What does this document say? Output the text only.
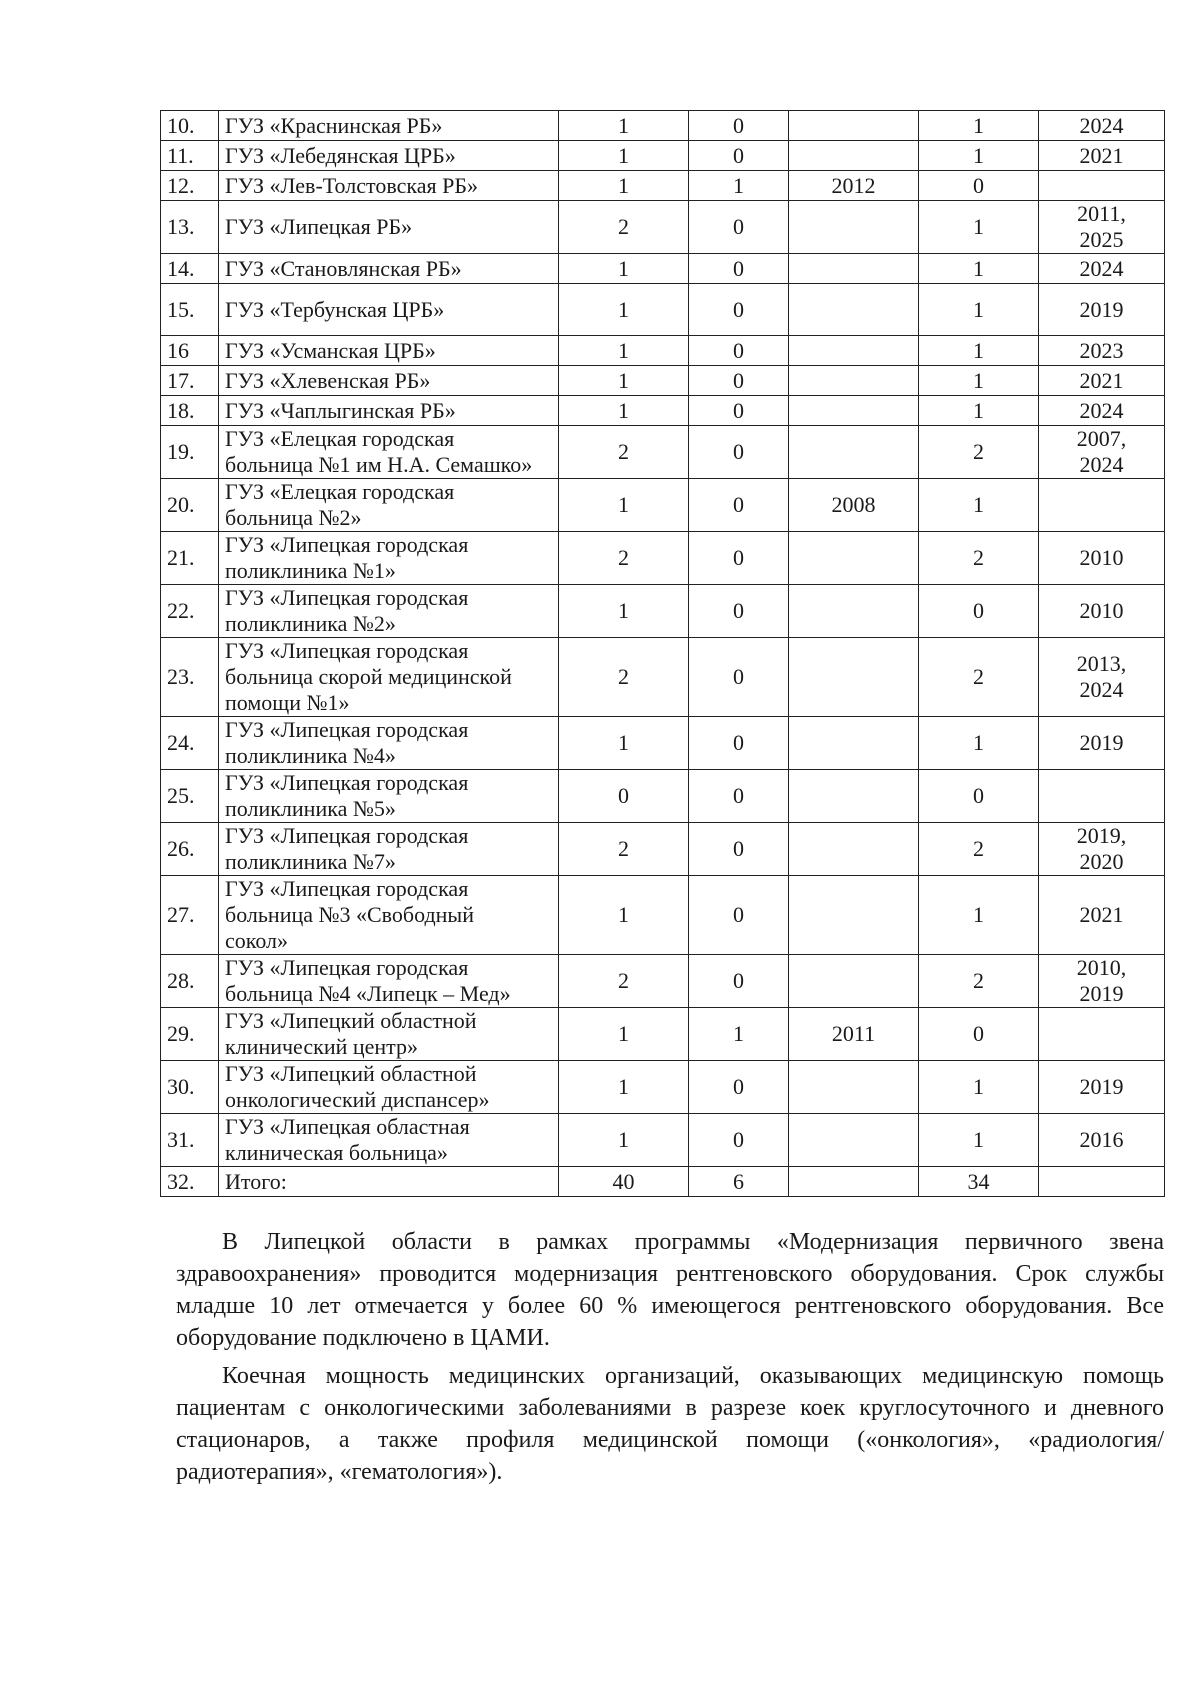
10.	ГУЗ «Краснинская РБ»	1	0		1	2024
11.	ГУЗ «Лебедянская ЦРБ»	1	0		1	2021
12.	ГУЗ «Лев-Толстовская РБ»	1	1	2012	0	
13.	ГУЗ «Липецкая РБ»	2	0		1	2011,
2025
14.	ГУЗ «Становлянская РБ»	1	0		1	2024
15.	ГУЗ «Тербунская ЦРБ»	1	0		1	2019
16	ГУЗ «Усманская ЦРБ»	1	0		1	2023
17.	ГУЗ «Хлевенская РБ»	1	0		1	2021
18.	ГУЗ «Чаплыгинская РБ»	1	0		1	2024
19.	ГУЗ «Елецкая городская
больница №1 им Н.А. Семашко»	2	0		2	2007,
2024
20.	ГУЗ «Елецкая городская
больница №2»	1	0	2008	1	
21.	ГУЗ «Липецкая городская
поликлиника №1»	2	0		2	2010
22.	ГУЗ «Липецкая городская
поликлиника №2»	1	0		0	2010
23.	ГУЗ «Липецкая городская
больница скорой медицинской
помощи №1»	2	0		2	2013,
2024
24.	ГУЗ «Липецкая городская
поликлиника №4»	1	0		1	2019
25.	ГУЗ «Липецкая городская
поликлиника №5»	0	0		0	
26.	ГУЗ «Липецкая городская
поликлиника №7»	2	0		2	2019,
2020
27.	ГУЗ «Липецкая городская
больница №3 «Свободный
сокол»	1	0		1	2021
28.	ГУЗ «Липецкая городская
больница №4 «Липецк – Мед»	2	0		2	2010,
2019
29.	ГУЗ «Липецкий областной
клинический центр»	1	1	2011	0	
30.	ГУЗ «Липецкий областной
онкологический диспансер»	1	0		1	2019
31.	ГУЗ «Липецкая областная
клиническая больница»	1	0		1	2016
32.	Итого:	40	6		34	

В Липецкой области в рамках программы «Модернизация первичного звена здравоохранения» проводится модернизация рентгеновского оборудования. Срок службы младше 10 лет отмечается у более 60 % имеющегося рентгеновского оборудования. Все оборудование подключено в ЦАМИ.

Коечная мощность медицинских организаций, оказывающих медицинскую помощь пациентам с онкологическими заболеваниями в разрезе коек круглосуточного и дневного стационаров, а также профиля медицинской помощи («онкология», «радиология/радиотерапия», «гематология»).
